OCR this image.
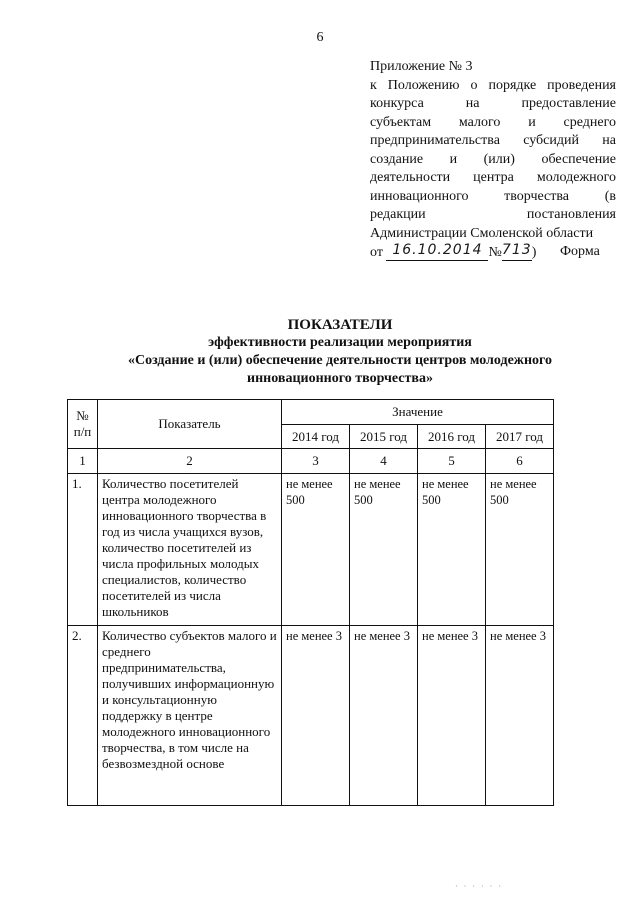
6
Приложение № 3
к Положению о порядке проведения
конкурса на предоставление
субъектам малого и среднего
предпринимательства субсидий на
создание и (или) обеспечение
деятельности центра молодежного
инновационного творчества (в
редакции постановления
Администрации Смоленской области
от 16.10.2014 №713)	Форма
ПОКАЗАТЕЛИ
эффективности реализации мероприятия
«Создание и (или) обеспечение деятельности центров молодежного
инновационного творчества»
№ п/п	Показатель	Значение			
		2014 год	2015 год	2016 год	2017 год
1	2	3	4	5	6
1.	Количество посетителей центра молодежного инновационного творчества в год из числа учащихся вузов, количество посетителей из числа профильных молодых специалистов, количество посетителей из числа школьников	не менее 500	не менее 500	не менее 500	не менее 500
2.	Количество субъектов малого и среднего предпринимательства, получивших информационную и консультационную поддержку в центре молодежного инновационного творчества, в том числе на безвозмездной основе	не менее 3	не менее 3	не менее 3	не менее 3
· · · · · ·
